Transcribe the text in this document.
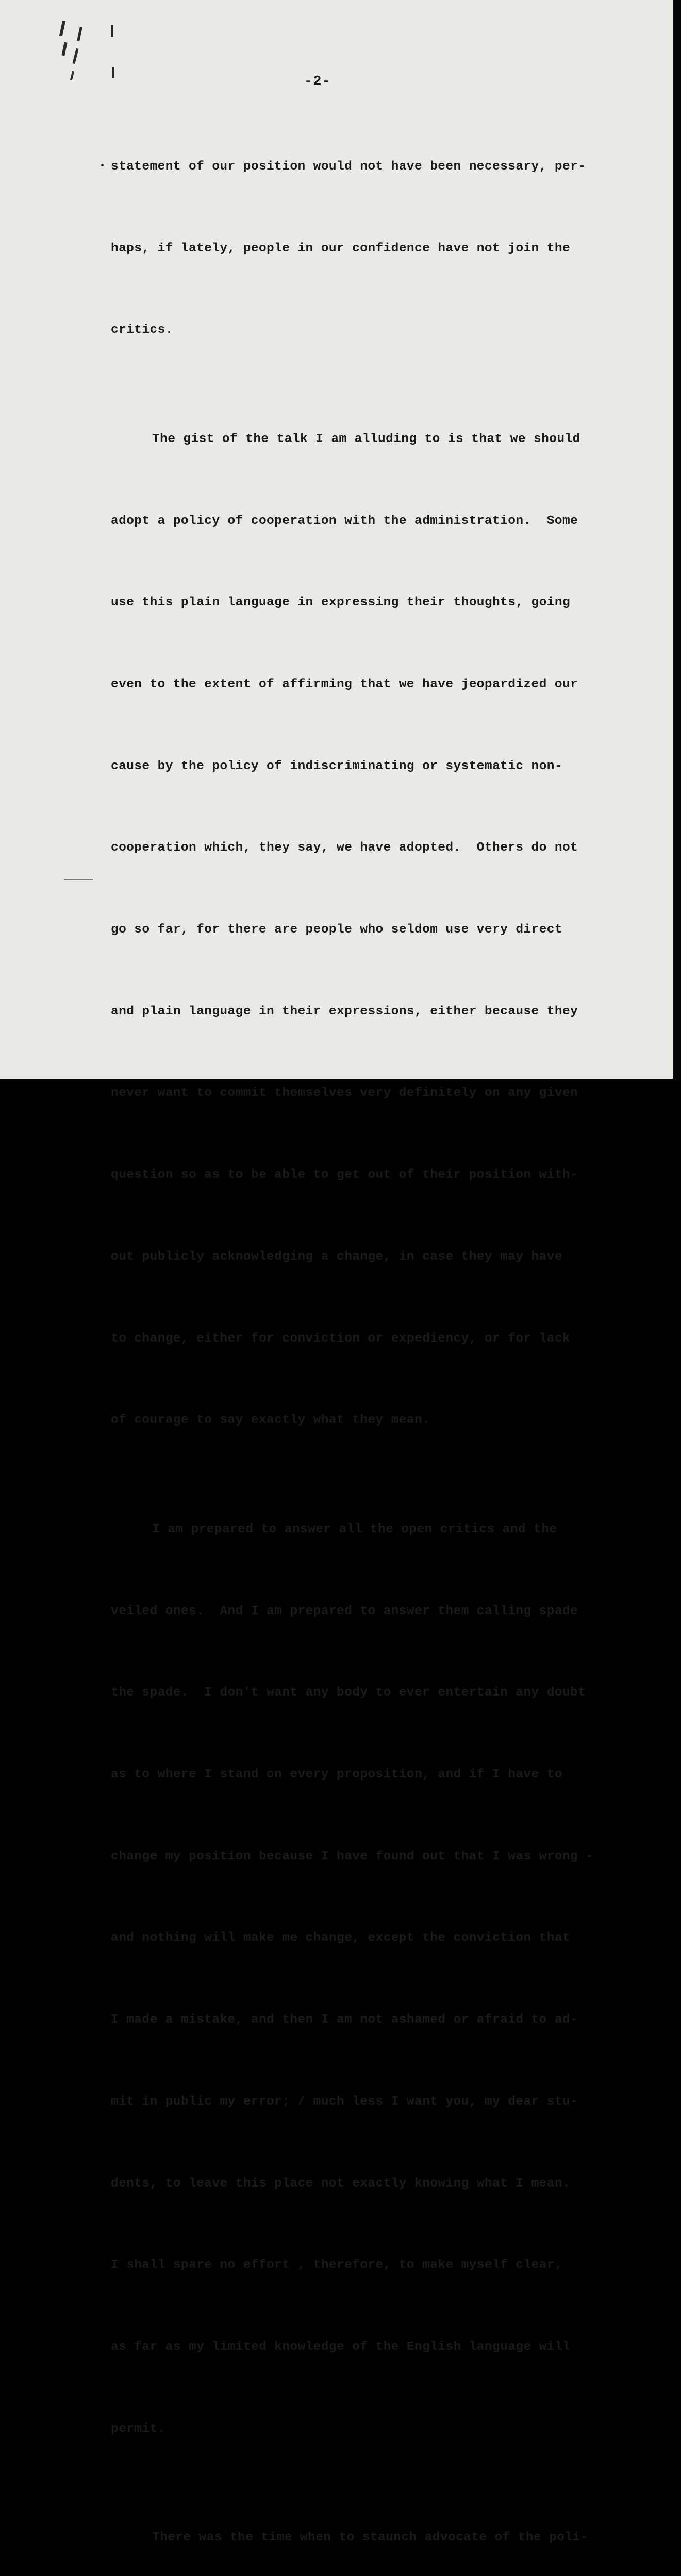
-2-

statement of our position would not have been necessary, per-

haps, if lately, people in our confidence have not join the

critics.

The gist of the talk I am alluding to is that we should

adopt a policy of cooperation with the administration.  Some

use this plain language in expressing their thoughts, going

even to the extent of affirming that we have jeopardized our

cause by the policy of indiscriminating or systematic non-

cooperation which, they say, we have adopted.  Others do not

go so far, for there are people who seldom use very direct

and plain language in their expressions, either because they

never want to commit themselves very definitely on any given

question so as to be able to get out of their position with-

out publicly acknowledging a change, in case they may have

to change, either for conviction or expediency, or for lack

of courage to say exactly what they mean.

I am prepared to answer all the open critics and the

veiled ones.  And I am prepared to answer them calling spade

the spade.  I don't want any body to ever entertain any doubt

as to where I stand on every proposition, and if I have to

change my position because I have found out that I was wrong -

and nothing will make me change, except the conviction that

I made a mistake, and then I am not ashamed or afraid to ad-

mit in public my error; / much less I want you, my dear stu-

dents, to leave this place not exactly knowing what I mean.

I shall spare no effort , therefore, to make myself clear,

as far as my limited knowledge of the English language will

permit.

There was the time when to staunch advocate of the poli-
